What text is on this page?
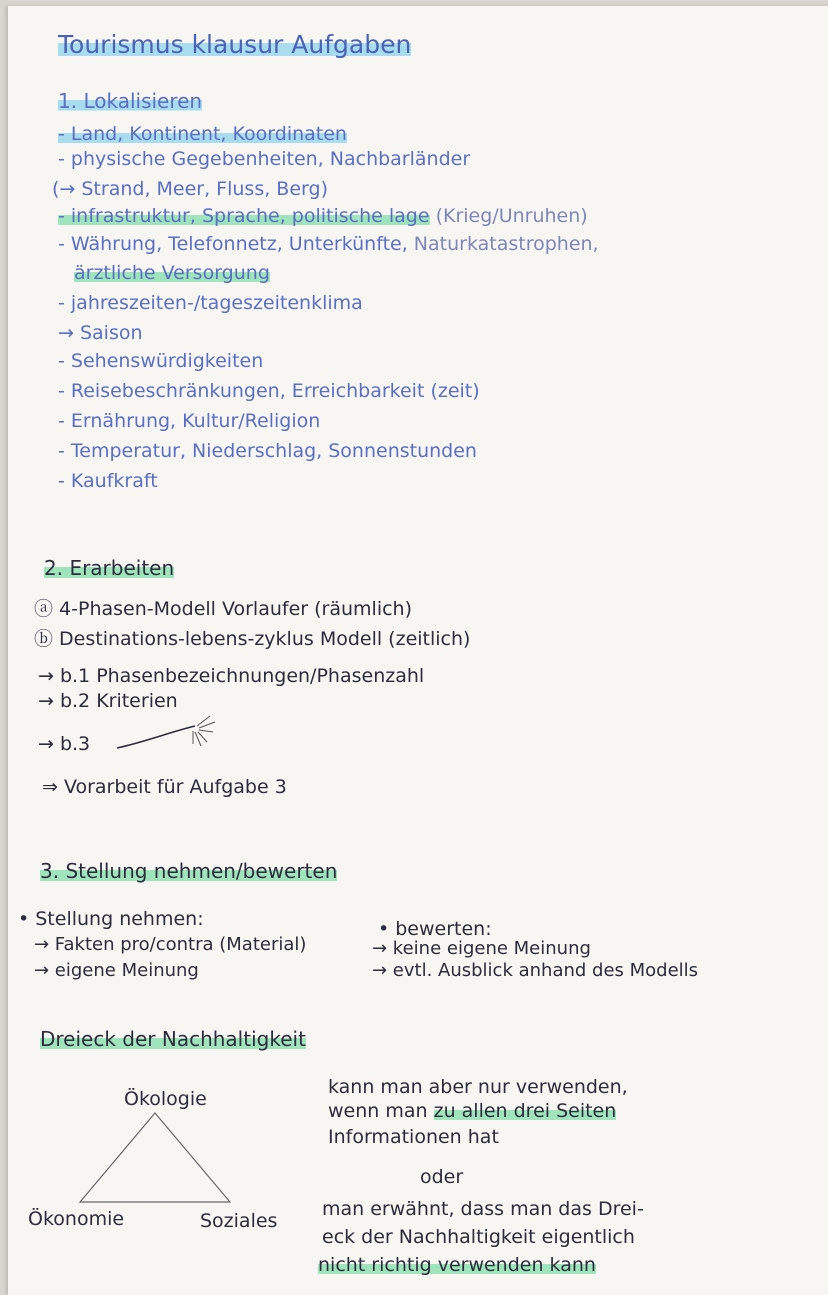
Tourismus klausur Aufgaben
1. Lokalisieren
- Land, Kontinent, Koordinaten
- physische Gegebenheiten, Nachbarländer
(→ Strand, Meer, Fluss, Berg)
- infrastruktur, Sprache, politische lage (Krieg/Unruhen)
- Währung, Telefonnetz, Unterkünfte, Naturkatastrophen,
ärztliche Versorgung
- jahreszeiten-/tageszeitenklima
→ Saison
- Sehenswürdigkeiten
- Reisebeschränkungen, Erreichbarkeit (zeit)
- Ernährung, Kultur/Religion
- Temperatur, Niederschlag, Sonnenstunden
- Kaufkraft
2. Erarbeiten
ⓐ 4-Phasen-Modell Vorlaufer (räumlich)
ⓑ Destinations-lebens-zyklus Modell (zeitlich)
→ b.1 Phasenbezeichnungen/Phasenzahl
→ b.2 Kriterien
→ b.3
⇒ Vorarbeit für Aufgabe 3
3. Stellung nehmen/bewerten
• Stellung nehmen:
→ Fakten pro/contra (Material)
→ eigene Meinung
• bewerten:
→ keine eigene Meinung
→ evtl. Ausblick anhand des Modells
Dreieck der Nachhaltigkeit
Ökologie
Ökonomie	Soziales
kann man aber nur verwenden,
wenn man zu allen drei Seiten
Informationen hat
oder
man erwähnt, dass man das Drei-
eck der Nachhaltigkeit eigentlich
nicht richtig verwenden kann
